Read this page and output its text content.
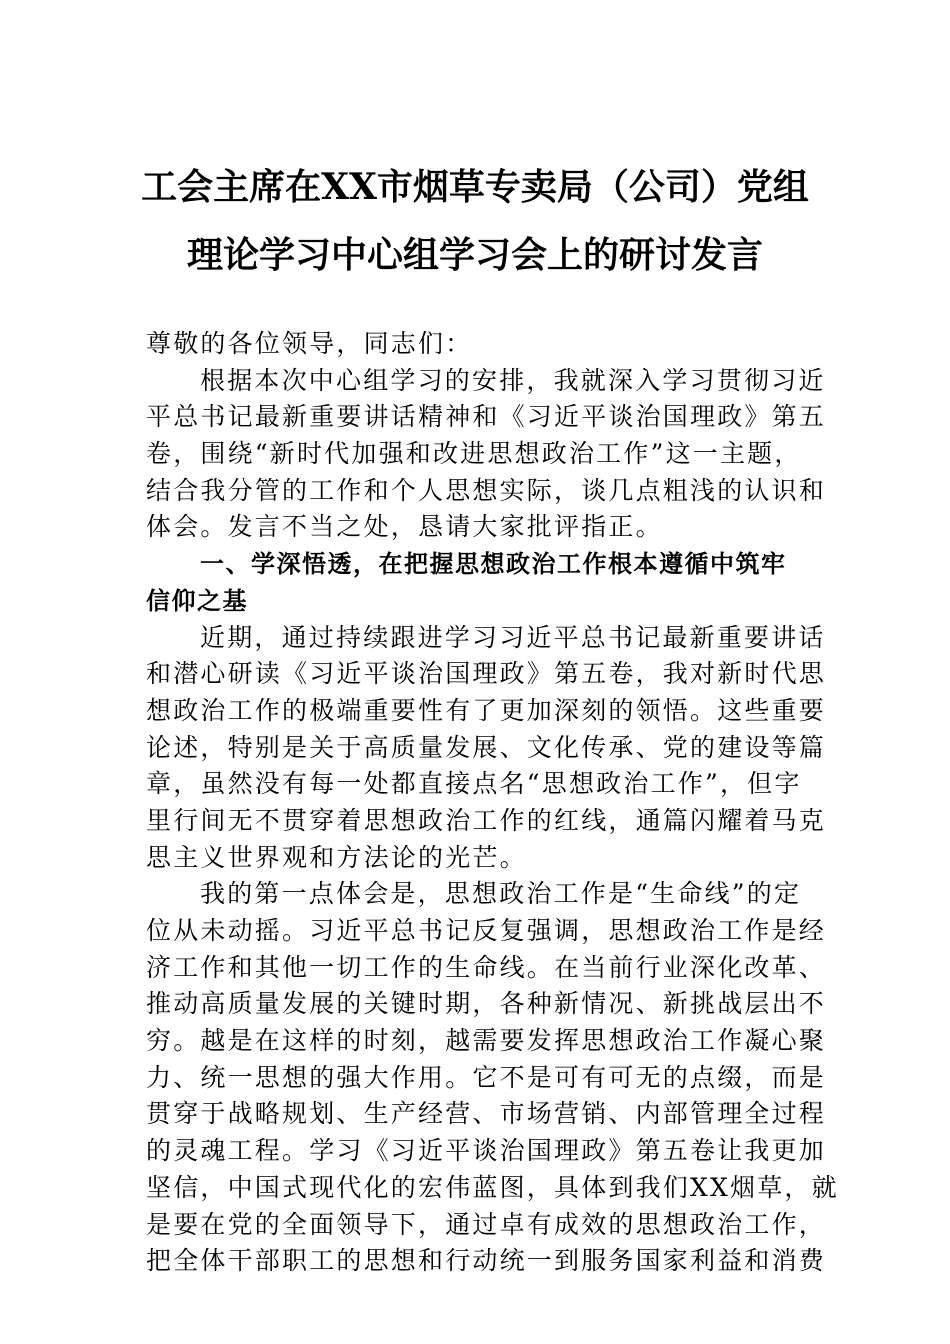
工会主席在XX市烟草专卖局（公司）党组
理论学习中心组学习会上的研讨发言
尊敬的各位领导，同志们：
根据本次中心组学习的安排，我就深入学习贯彻习近
平总书记最新重要讲话精神和《习近平谈治国理政》第五
卷，围绕“新时代加强和改进思想政治工作”这一主题，
结合我分管的工作和个人思想实际，谈几点粗浅的认识和
体会。发言不当之处，恳请大家批评指正。
一、学深悟透，在把握思想政治工作根本遵循中筑牢
信仰之基
近期，通过持续跟进学习习近平总书记最新重要讲话
和潜心研读《习近平谈治国理政》第五卷，我对新时代思
想政治工作的极端重要性有了更加深刻的领悟。这些重要
论述，特别是关于高质量发展、文化传承、党的建设等篇
章，虽然没有每一处都直接点名“思想政治工作”，但字
里行间无不贯穿着思想政治工作的红线，通篇闪耀着马克
思主义世界观和方法论的光芒。
我的第一点体会是，思想政治工作是“生命线”的定
位从未动摇。习近平总书记反复强调，思想政治工作是经
济工作和其他一切工作的生命线。在当前行业深化改革、
推动高质量发展的关键时期，各种新情况、新挑战层出不
穷。越是在这样的时刻，越需要发挥思想政治工作凝心聚
力、统一思想的强大作用。它不是可有可无的点缀，而是
贯穿于战略规划、生产经营、市场营销、内部管理全过程
的灵魂工程。学习《习近平谈治国理政》第五卷让我更加
坚信，中国式现代化的宏伟蓝图，具体到我们XX烟草，就
是要在党的全面领导下，通过卓有成效的思想政治工作，
把全体干部职工的思想和行动统一到服务国家利益和消费
